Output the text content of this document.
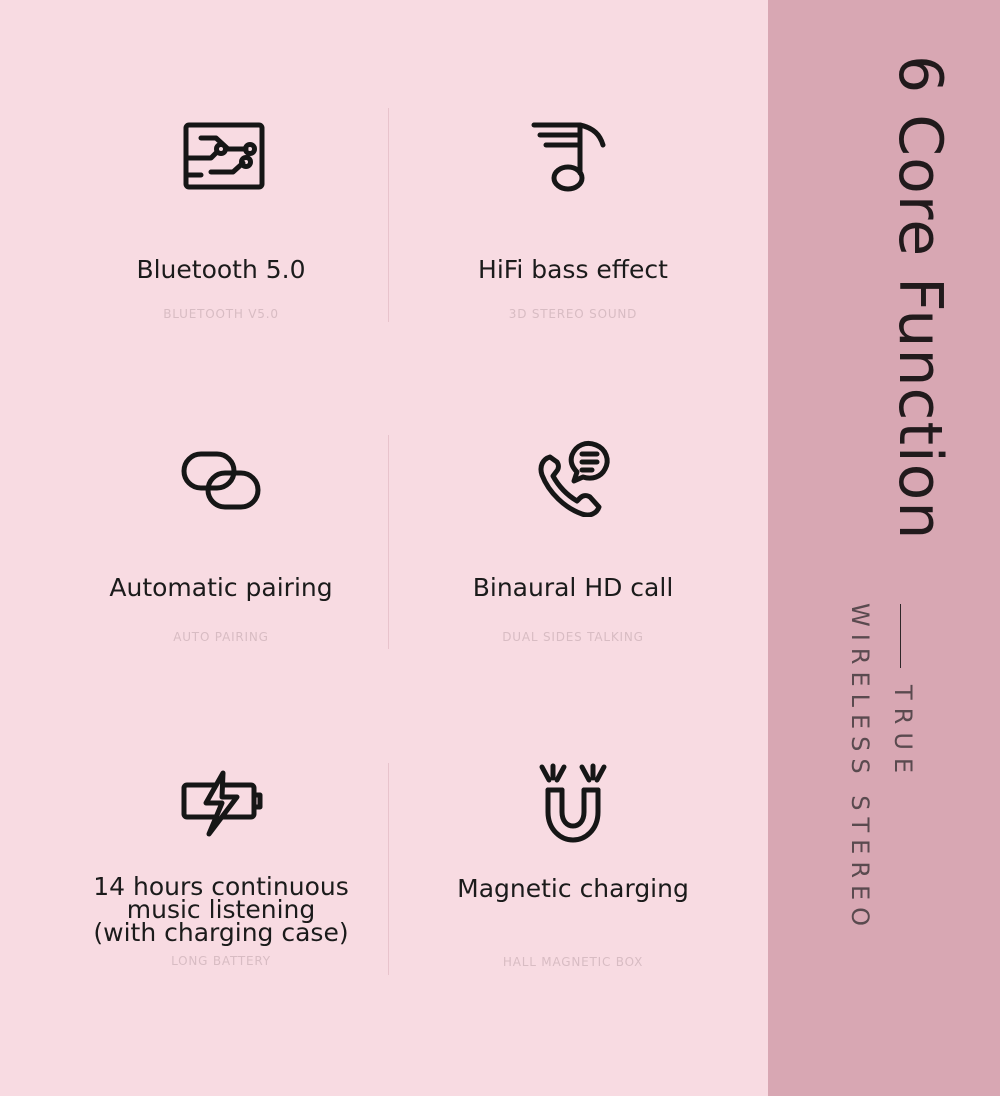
Bluetooth 5.0
BLUETOOTH V5.0
HiFi bass effect
3D STEREO SOUND
Automatic pairing
AUTO PAIRING
Binaural HD call
DUAL SIDES TALKING
14 hours continuous
music listening
(with charging case)
LONG BATTERY
Magnetic charging
HALL MAGNETIC BOX
6 Core Function
TRUE
WIRELESS STEREO
